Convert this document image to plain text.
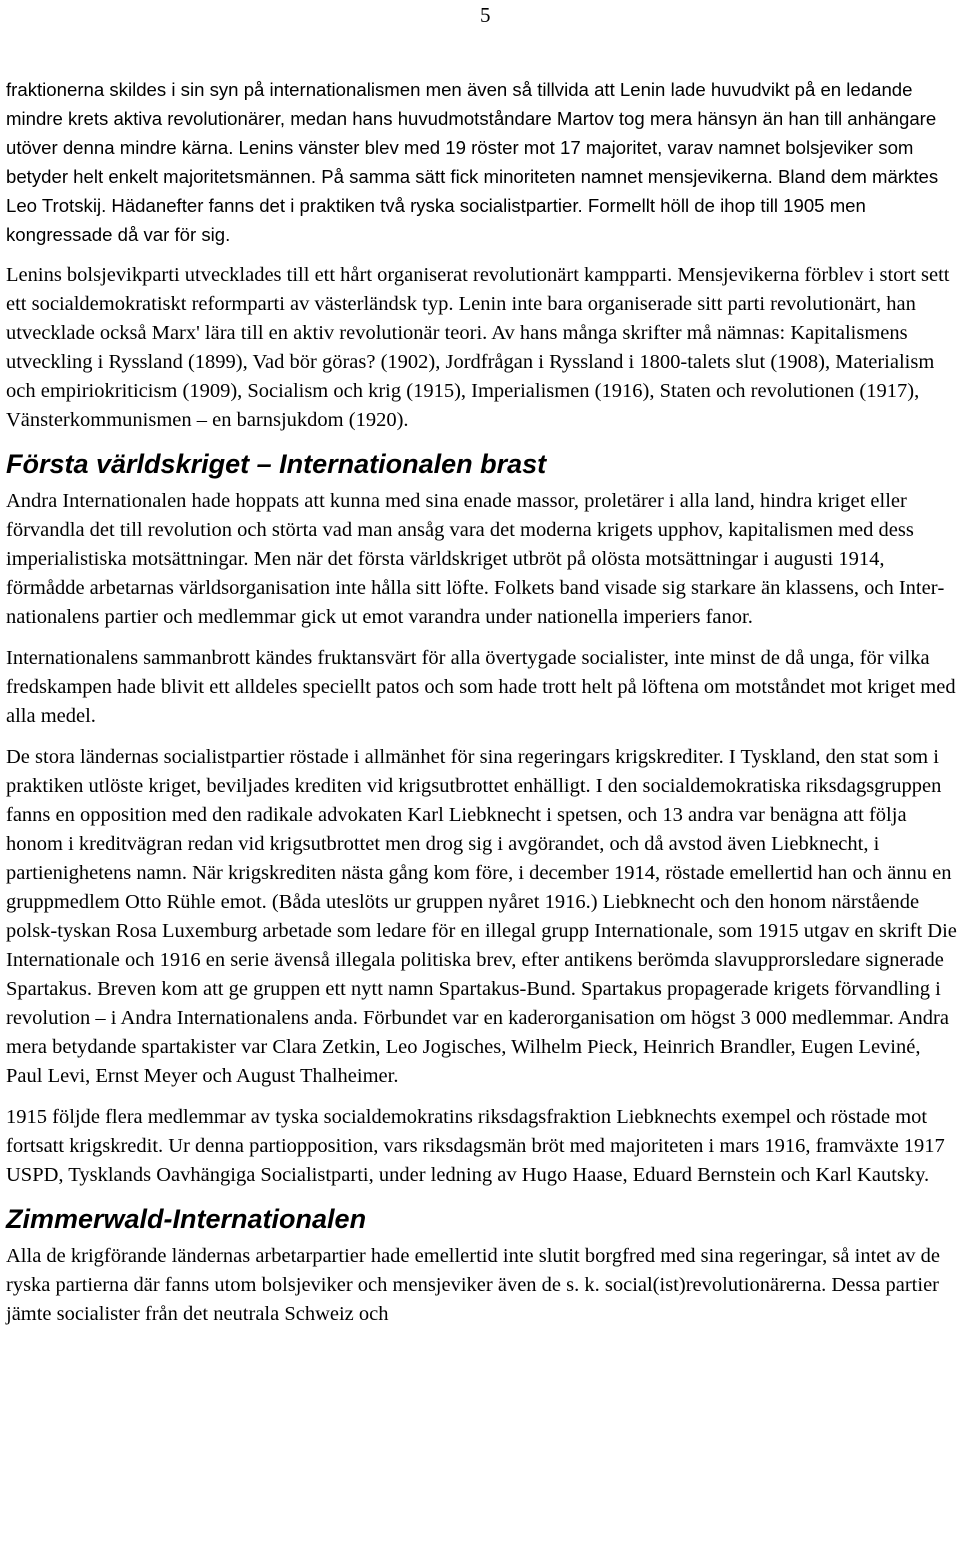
5

fraktionerna skildes i sin syn på internationalismen men även så tillvida att Lenin lade huvudvikt på en ledande mindre krets aktiva revolutionärer, medan hans huvudmotståndare Martov tog mera hänsyn än han till anhängare utöver denna mindre kärna. Lenins vänster blev med 19 röster mot 17 majoritet, varav namnet bolsjeviker som betyder helt enkelt majoritetsmännen. På samma sätt fick minoriteten namnet mensjevikerna. Bland dem märktes Leo Trotskij. Hädanefter fanns det i praktiken två ryska socialistpartier. Formellt höll de ihop till 1905 men kongressade då var för sig.

Lenins bolsjevikparti utvecklades till ett hårt organiserat revolutionärt kampparti. Mensjevikerna förblev i stort sett ett socialdemokratiskt reformparti av västerländsk typ. Lenin inte bara organiserade sitt parti revolutionärt, han utvecklade också Marx' lära till en aktiv revolutionär teori. Av hans många skrifter må nämnas: Kapitalismens utveckling i Ryssland (1899), Vad bör göras? (1902), Jordfrågan i Ryssland i 1800-talets slut (1908), Materialism och empiriokriticism (1909), Socialism och krig (1915), Imperialismen (1916), Staten och revolutionen (1917), Vänsterkommunismen – en barnsjukdom (1920).

Första världskriget – Internationalen brast

Andra Internationalen hade hoppats att kunna med sina enade massor, proletärer i alla land, hindra kriget eller förvandla det till revolution och störta vad man ansåg vara det moderna krigets upphov, kapitalismen med dess imperialistiska motsättningar. Men när det första världskriget utbröt på olösta motsättningar i augusti 1914, förmådde arbetarnas världsorganisation inte hålla sitt löfte. Folkets band visade sig starkare än klassens, och Internationalens partier och medlemmar gick ut emot varandra under nationella imperiers fanor.

Internationalens sammanbrott kändes fruktansvärt för alla övertygade socialister, inte minst de då unga, för vilka fredskampen hade blivit ett alldeles speciellt patos och som hade trott helt på löftena om motståndet mot kriget med alla medel.

De stora ländernas socialistpartier röstade i allmänhet för sina regeringars krigskrediter. I Tyskland, den stat som i praktiken utlöste kriget, beviljades krediten vid krigsutbrottet enhälligt. I den socialdemokratiska riksdagsgruppen fanns en opposition med den radikale advokaten Karl Liebknecht i spetsen, och 13 andra var benägna att följa honom i kreditvägran redan vid krigsutbrottet men drog sig i avgörandet, och då avstod även Liebknecht, i partienighetens namn. När krigskrediten nästa gång kom före, i december 1914, röstade emellertid han och ännu en gruppmedlem Otto Rühle emot. (Båda uteslöts ur gruppen nyåret 1916.) Liebknecht och den honom närstående polsk-tyskan Rosa Luxemburg arbetade som ledare för en illegal grupp Internationale, som 1915 utgav en skrift Die Internationale och 1916 en serie ävenså illegala politiska brev, efter antikens berömda slavupprorsledare signerade Spartakus. Breven kom att ge gruppen ett nytt namn Spartakus-Bund. Spartakus propagerade krigets förvandling i revolution – i Andra Internationalens anda. Förbundet var en kaderorganisation om högst 3 000 medlemmar. Andra mera betydande spartakister var Clara Zetkin, Leo Jogisches, Wilhelm Pieck, Heinrich Brandler, Eugen Leviné, Paul Levi, Ernst Meyer och August Thalheimer.

1915 följde flera medlemmar av tyska socialdemokratins riksdagsfraktion Liebknechts exempel och röstade mot fortsatt krigskredit. Ur denna partiopposition, vars riksdagsmän bröt med majoriteten i mars 1916, framväxte 1917 USPD, Tysklands Oavhängiga Socialistparti, under ledning av Hugo Haase, Eduard Bernstein och Karl Kautsky.

Zimmerwald-Internationalen

Alla de krigförande ländernas arbetarpartier hade emellertid inte slutit borgfred med sina regeringar, så intet av de ryska partierna där fanns utom bolsjeviker och mensjeviker även de s. k. social(ist)revolutionärerna. Dessa partier jämte socialister från det neutrala Schweiz och
